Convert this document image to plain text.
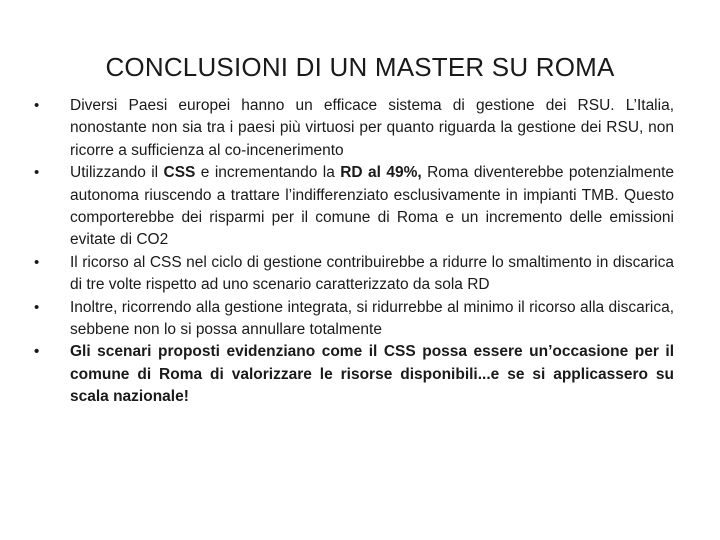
CONCLUSIONI DI UN MASTER SU ROMA
•	Diversi Paesi europei hanno un efficace sistema di gestione dei RSU. L’Italia, nonostante non sia tra i paesi più virtuosi per quanto riguarda la gestione dei RSU, non ricorre a sufficienza al co-incenerimento
•	Utilizzando il CSS e incrementando la RD al 49%, Roma diventerebbe potenzialmente autonoma riuscendo a trattare l’indifferenziato esclusivamente in impianti TMB. Questo comporterebbe dei risparmi per il comune di Roma e un incremento delle emissioni evitate di CO2
•	Il ricorso al CSS nel ciclo di gestione contribuirebbe a ridurre lo smaltimento in discarica di tre volte rispetto ad uno scenario caratterizzato da sola RD
•	Inoltre, ricorrendo alla gestione integrata, si ridurrebbe al minimo il ricorso alla discarica, sebbene non lo si possa annullare totalmente
•	Gli scenari proposti evidenziano come il CSS possa essere un’occasione per il comune di Roma di valorizzare le risorse disponibili...e se si applicassero su scala nazionale!
